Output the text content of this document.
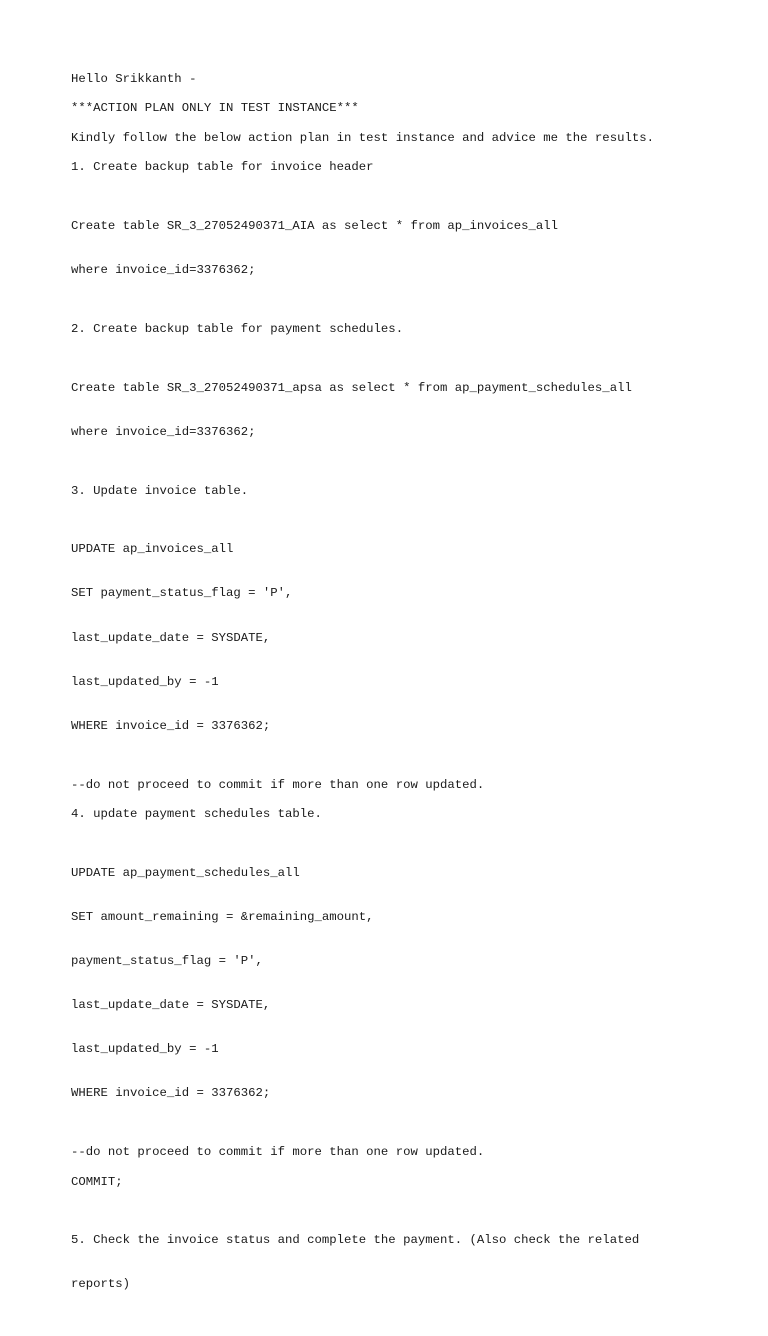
Hello Srikkanth -

***ACTION PLAN ONLY IN TEST INSTANCE***

Kindly follow the below action plan in test instance and advice me the results.

1. Create backup table for invoice header

Create table SR_3_27052490371_AIA as select * from ap_invoices_all

where invoice_id=3376362;

2. Create backup table for payment schedules.

Create table SR_3_27052490371_apsa as select * from ap_payment_schedules_all

where invoice_id=3376362;

3. Update invoice table.

UPDATE ap_invoices_all

SET payment_status_flag = 'P',

last_update_date = SYSDATE,

last_updated_by = -1

WHERE invoice_id = 3376362;

--do not proceed to commit if more than one row updated.

4. update payment schedules table.

UPDATE ap_payment_schedules_all

SET amount_remaining = &remaining_amount,

payment_status_flag = 'P',

last_update_date = SYSDATE,

last_updated_by = -1

WHERE invoice_id = 3376362;

--do not proceed to commit if more than one row updated.

COMMIT;

5. Check the invoice status and complete the payment. (Also check the related

reports)
